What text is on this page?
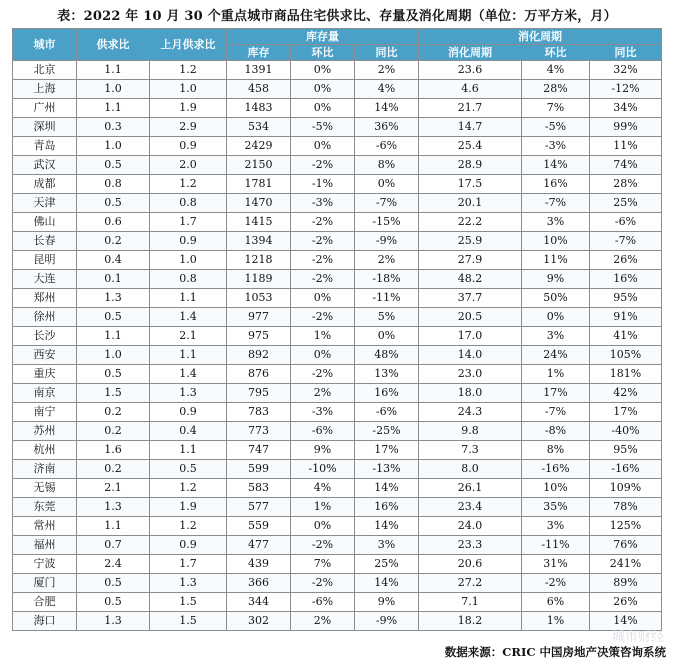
表：2022 年 10 月 30 个重点城市商品住宅供求比、存量及消化周期（单位：万平方米，月）
城市	供求比	上月供求比	库存量			消化周期		
			库存	环比	同比	消化周期	环比	同比
北京	1.1	1.2	1391	0%	2%	23.6	4%	32%
上海	1.0	1.0	458	0%	4%	4.6	28%	-12%
广州	1.1	1.9	1483	0%	14%	21.7	7%	34%
深圳	0.3	2.9	534	-5%	36%	14.7	-5%	99%
青岛	1.0	0.9	2429	0%	-6%	25.4	-3%	11%
武汉	0.5	2.0	2150	-2%	8%	28.9	14%	74%
成都	0.8	1.2	1781	-1%	0%	17.5	16%	28%
天津	0.5	0.8	1470	-3%	-7%	20.1	-7%	25%
佛山	0.6	1.7	1415	-2%	-15%	22.2	3%	-6%
长春	0.2	0.9	1394	-2%	-9%	25.9	10%	-7%
昆明	0.4	1.0	1218	-2%	2%	27.9	11%	26%
大连	0.1	0.8	1189	-2%	-18%	48.2	9%	16%
郑州	1.3	1.1	1053	0%	-11%	37.7	50%	95%
徐州	0.5	1.4	977	-2%	5%	20.5	0%	91%
长沙	1.1	2.1	975	1%	0%	17.0	3%	41%
西安	1.0	1.1	892	0%	48%	14.0	24%	105%
重庆	0.5	1.4	876	-2%	13%	23.0	1%	181%
南京	1.5	1.3	795	2%	16%	18.0	17%	42%
南宁	0.2	0.9	783	-3%	-6%	24.3	-7%	17%
苏州	0.2	0.4	773	-6%	-25%	9.8	-8%	-40%
杭州	1.6	1.1	747	9%	17%	7.3	8%	95%
济南	0.2	0.5	599	-10%	-13%	8.0	-16%	-16%
无锡	2.1	1.2	583	4%	14%	26.1	10%	109%
东莞	1.3	1.9	577	1%	16%	23.4	35%	78%
常州	1.1	1.2	559	0%	14%	24.0	3%	125%
福州	0.7	0.9	477	-2%	3%	23.3	-11%	76%
宁波	2.4	1.7	439	7%	25%	20.6	31%	241%
厦门	0.5	1.3	366	-2%	14%	27.2	-2%	89%
合肥	0.5	1.5	344	-6%	9%	7.1	6%	26%
海口	1.3	1.5	302	2%	-9%	18.2	1%	14%
城市财经
数据来源：CRIC 中国房地产决策咨询系统
